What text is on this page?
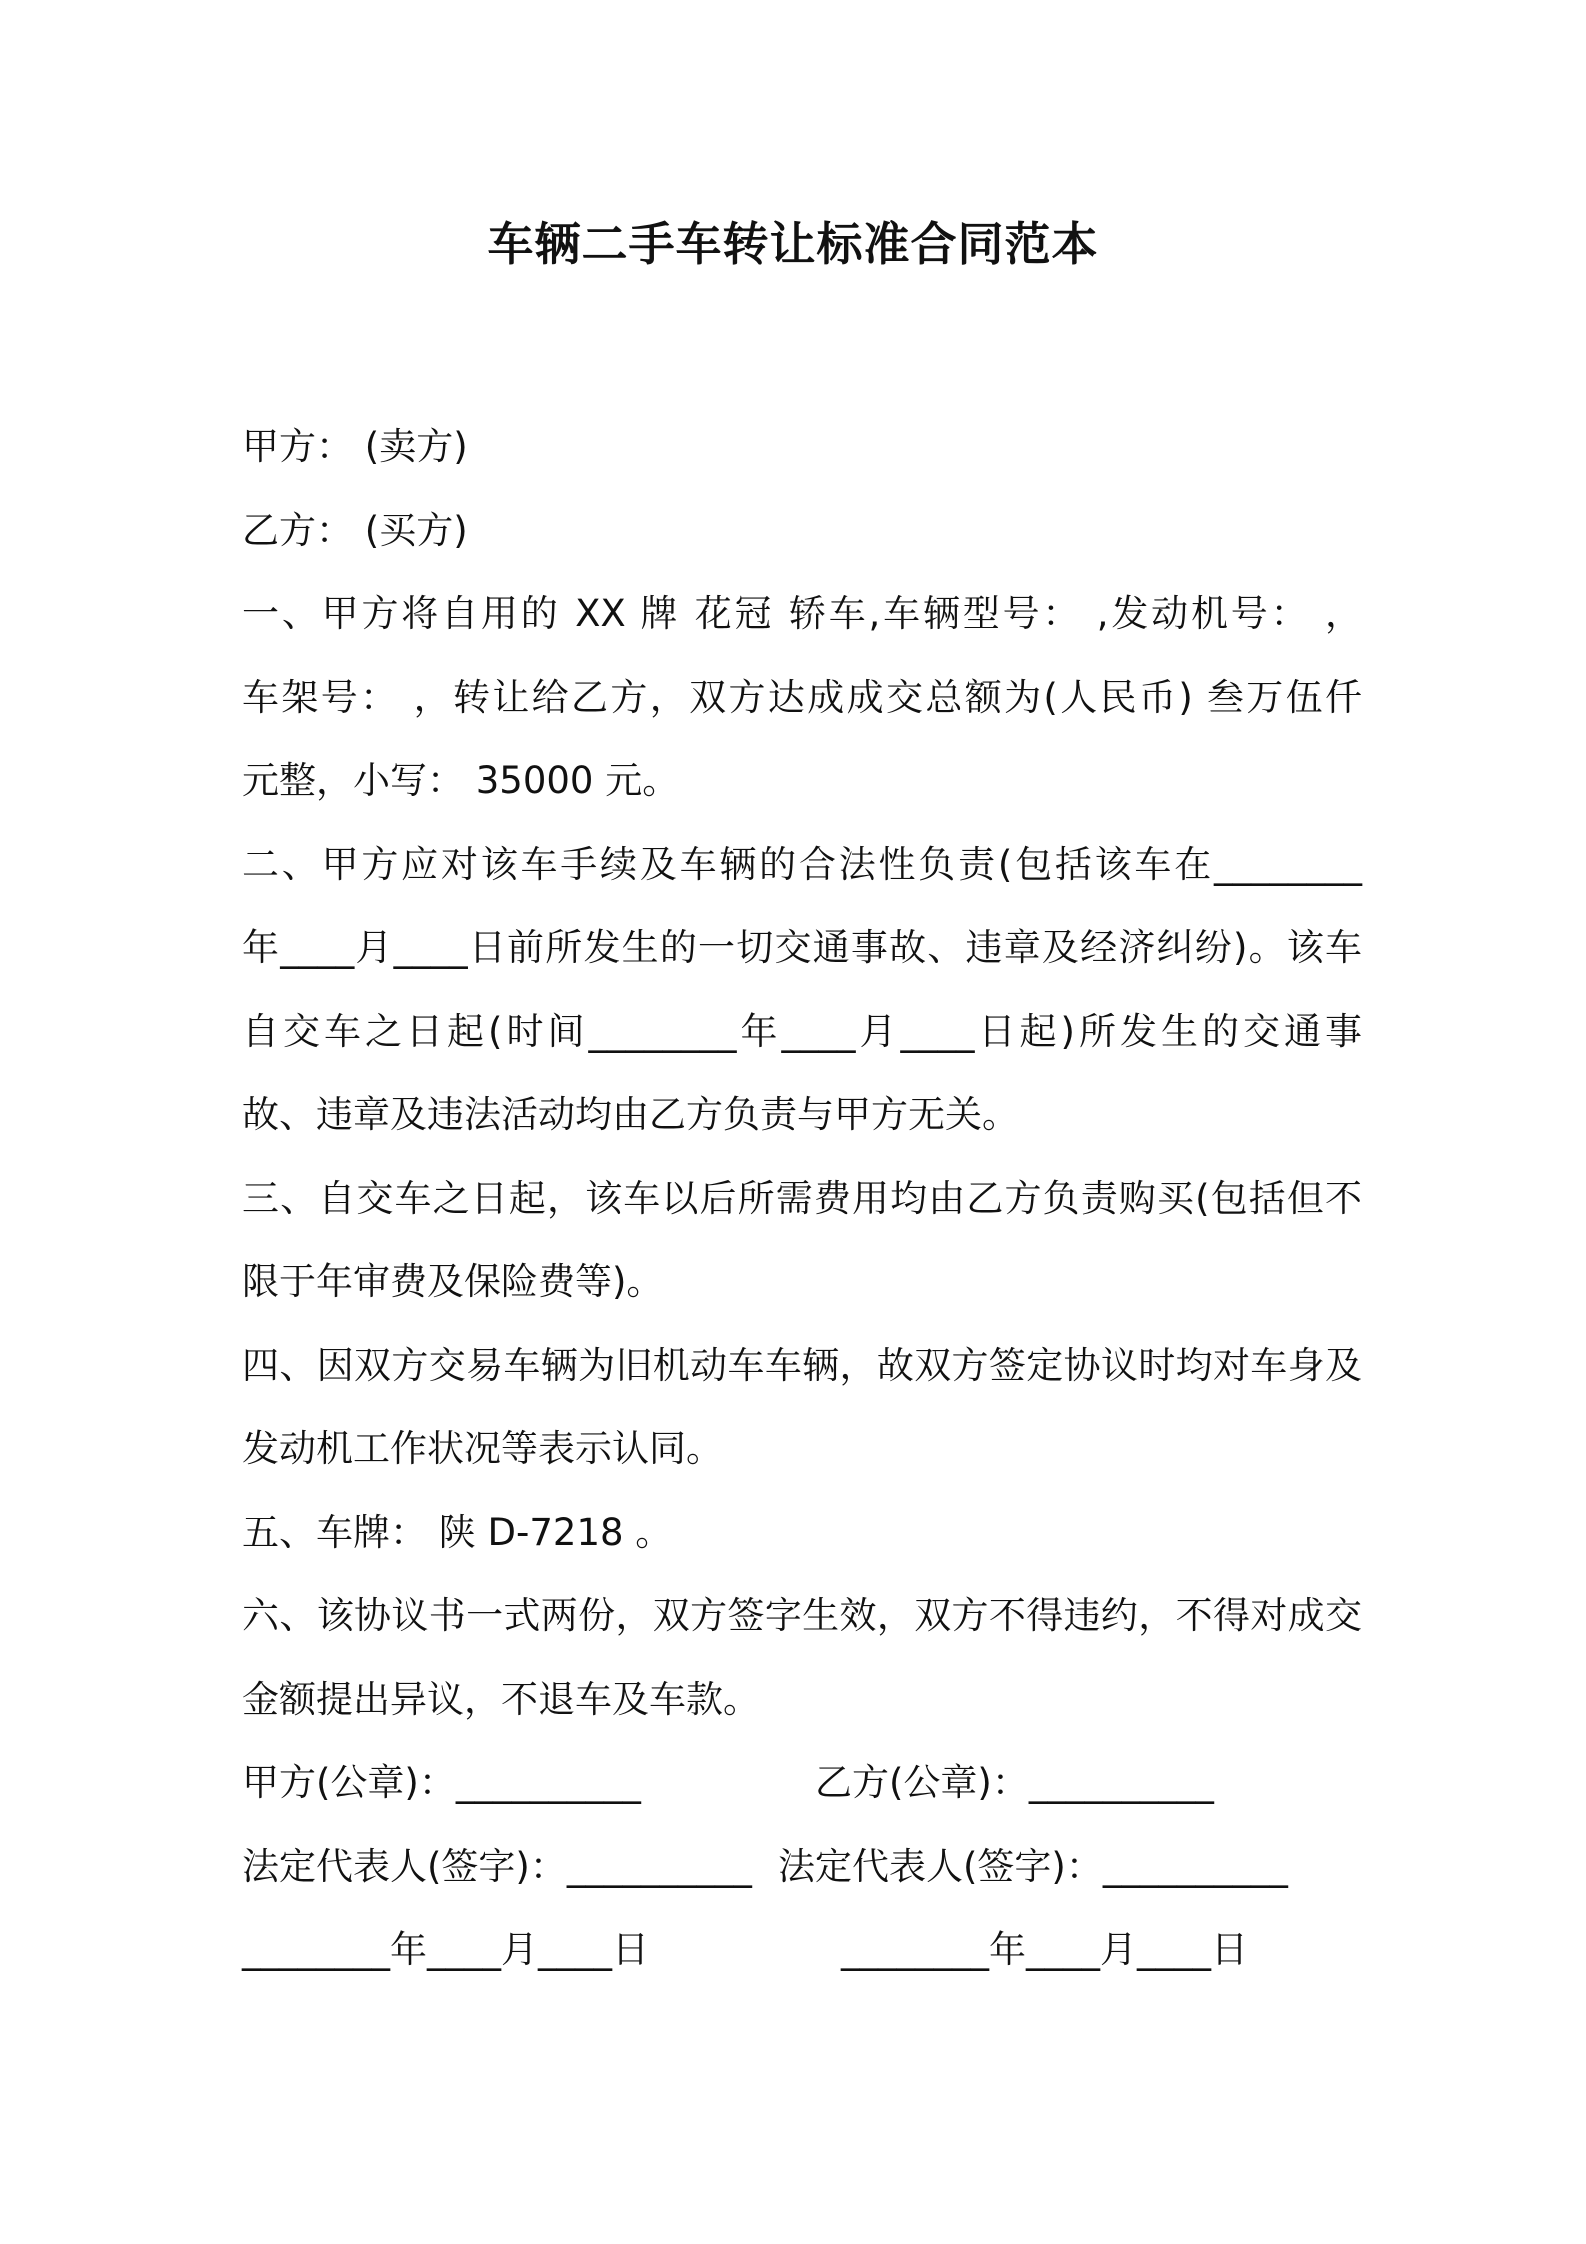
车辆二手车转让标准合同范本
甲方： (卖方)
乙方： (买方)
一、甲方将自用的 XX 牌 花冠 轿车,车辆型号： ,发动机号： ，
车架号： ，转让给乙方，双方达成成交总额为(人民币) 叁万伍仟
元整，小写： 35000 元。
二、甲方应对该车手续及车辆的合法性负责(包括该车在________
年____月____日前所发生的一切交通事故、违章及经济纠纷)。该车
自交车之日起(时间________年____月____日起)所发生的交通事
故、违章及违法活动均由乙方负责与甲方无关。
三、自交车之日起，该车以后所需费用均由乙方负责购买(包括但不
限于年审费及保险费等)。
四、因双方交易车辆为旧机动车车辆，故双方签定协议时均对车身及
发动机工作状况等表示认同。
五、车牌： 陕 D-7218 。
六、该协议书一式两份，双方签字生效，双方不得违约，不得对成交
金额提出异议，不退车及车款。
甲方(公章)：__________	乙方(公章)：__________
法定代表人(签字)：__________ 法定代表人(签字)：__________
________年____月____日	________年____月____日
